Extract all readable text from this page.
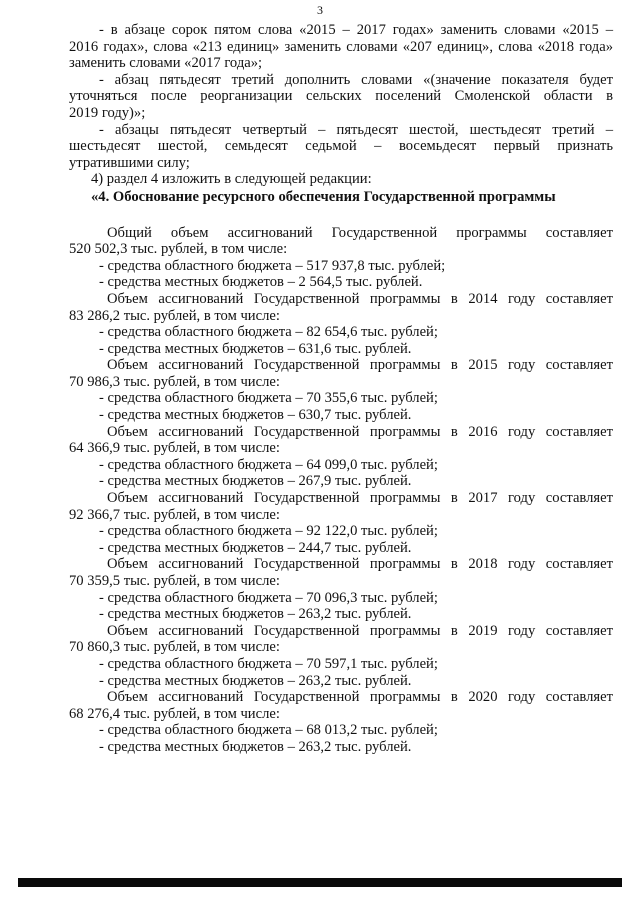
3

- в абзаце сорок пятом слова «2015 – 2017 годах» заменить словами «2015 –

2016 годах», слова «213 единиц» заменить словами «207 единиц», слова «2018 года»

заменить словами «2017 года»;

- абзац пятьдесят третий дополнить словами «(значение показателя будет

уточняться после реорганизации сельских поселений Смоленской области в

2019 году)»;

- абзацы пятьдесят четвертый – пятьдесят шестой, шестьдесят третий –

шестьдесят шестой, семьдесят седьмой – восемьдесят первый признать

утратившими силу;

4) раздел 4 изложить в следующей редакции:

«4. Обоснование ресурсного обеспечения Государственной программы

Общий объем ассигнований Государственной программы составляет

520 502,3 тыс. рублей, в том числе:

- средства областного бюджета – 517 937,8 тыс. рублей;

- средства местных бюджетов – 2 564,5 тыс. рублей.

Объем ассигнований Государственной программы в 2014 году составляет

83 286,2 тыс. рублей, в том числе:

- средства областного бюджета – 82 654,6 тыс. рублей;

- средства местных бюджетов – 631,6 тыс. рублей.

Объем ассигнований Государственной программы в 2015 году составляет

70 986,3 тыс. рублей, в том числе:

- средства областного бюджета – 70 355,6 тыс. рублей;

- средства местных бюджетов – 630,7 тыс. рублей.

Объем ассигнований Государственной программы в 2016 году составляет

64 366,9 тыс. рублей, в том числе:

- средства областного бюджета – 64 099,0 тыс. рублей;

- средства местных бюджетов – 267,9 тыс. рублей.

Объем ассигнований Государственной программы в 2017 году составляет

92 366,7 тыс. рублей, в том числе:

- средства областного бюджета – 92 122,0 тыс. рублей;

- средства местных бюджетов – 244,7 тыс. рублей.

Объем ассигнований Государственной программы в 2018 году составляет

70 359,5 тыс. рублей, в том числе:

- средства областного бюджета – 70 096,3 тыс. рублей;

- средства местных бюджетов – 263,2 тыс. рублей.

Объем ассигнований Государственной программы в 2019 году составляет

70 860,3 тыс. рублей, в том числе:

- средства областного бюджета – 70 597,1 тыс. рублей;

- средства местных бюджетов – 263,2 тыс. рублей.

Объем ассигнований Государственной программы в 2020 году составляет

68 276,4 тыс. рублей, в том числе:

- средства областного бюджета – 68 013,2 тыс. рублей;

- средства местных бюджетов – 263,2 тыс. рублей.
